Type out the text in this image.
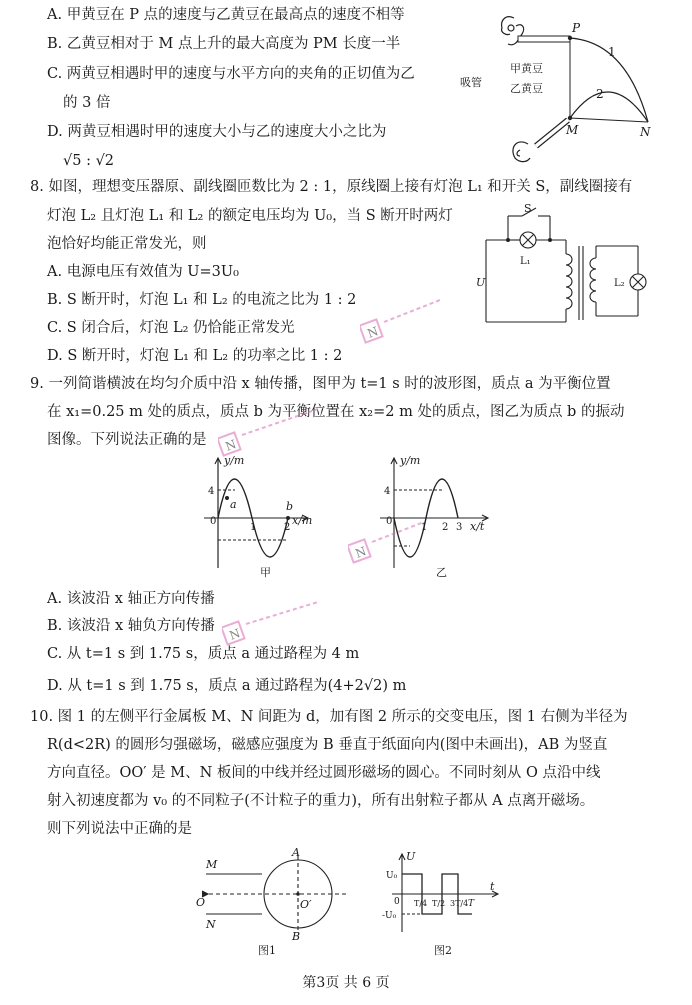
A. 甲黄豆在 P 点的速度与乙黄豆在最高点的速度不相等
B. 乙黄豆相对于 M 点上升的最大高度为 PM 长度一半
C. 两黄豆相遇时甲的速度与水平方向的夹角的正切值为乙
的 3 倍
D. 两黄豆相遇时甲的速度大小与乙的速度大小之比为
√5 : √2
P
M	N
1
2
甲黄豆
乙黄豆
吸管
8. 如图，理想变压器原、副线圈匝数比为 2 : 1，原线圈上接有灯泡 L₁ 和开关 S，副线圈接有
灯泡 L₂ 且灯泡 L₁ 和 L₂ 的额定电压均为 U₀，当 S 断开时两灯
泡恰好均能正常发光，则
A. 电源电压有效值为 U=3U₀
B. S 断开时，灯泡 L₁ 和 L₂ 的电流之比为 1 : 2
C. S 闭合后，灯泡 L₂ 仍恰能正常发光
D. S 断开时，灯泡 L₁ 和 L₂ 的功率之比 1 : 2
S
U
L₁
L₂
9. 一列简谐横波在均匀介质中沿 x 轴传播，图甲为 t=1 s 时的波形图，质点 a 为平衡位置
在 x₁=0.25 m 处的质点，质点 b 为平衡位置在 x₂=2 m 处的质点，图乙为质点 b 的振动
图像。下列说法正确的是
y/m
x/m
4
0
1	2
a	b
甲
y/m
x/t
4
0
1 2 3
乙
A. 该波沿 x 轴正方向传播
B. 该波沿 x 轴负方向传播
C. 从 t=1 s 到 1.75 s，质点 a 通过路程为 4 m
D. 从 t=1 s 到 1.75 s，质点 a 通过路程为(4+2√2) m
10. 图 1 的左侧平行金属板 M、N 间距为 d，加有图 2 所示的交变电压，图 1 右侧为半径为
R(d<2R) 的圆形匀强磁场，磁感应强度为 B 垂直于纸面向内(图中未画出)，AB 为竖直
方向直径。OO′ 是 M、N 板间的中线并经过圆形磁场的圆心。不同时刻从 O 点沿中线
射入初速度都为 v₀ 的不同粒子(不计粒子的重力)，所有出射粒子都从 A 点离开磁场。
则下列说法中正确的是
M
N
A
B
O	O′
图1
U₀
-U₀
U
t
0 T/4 T/2 3T/4 T
图2
N
N
N
N
第3页 共 6 页
